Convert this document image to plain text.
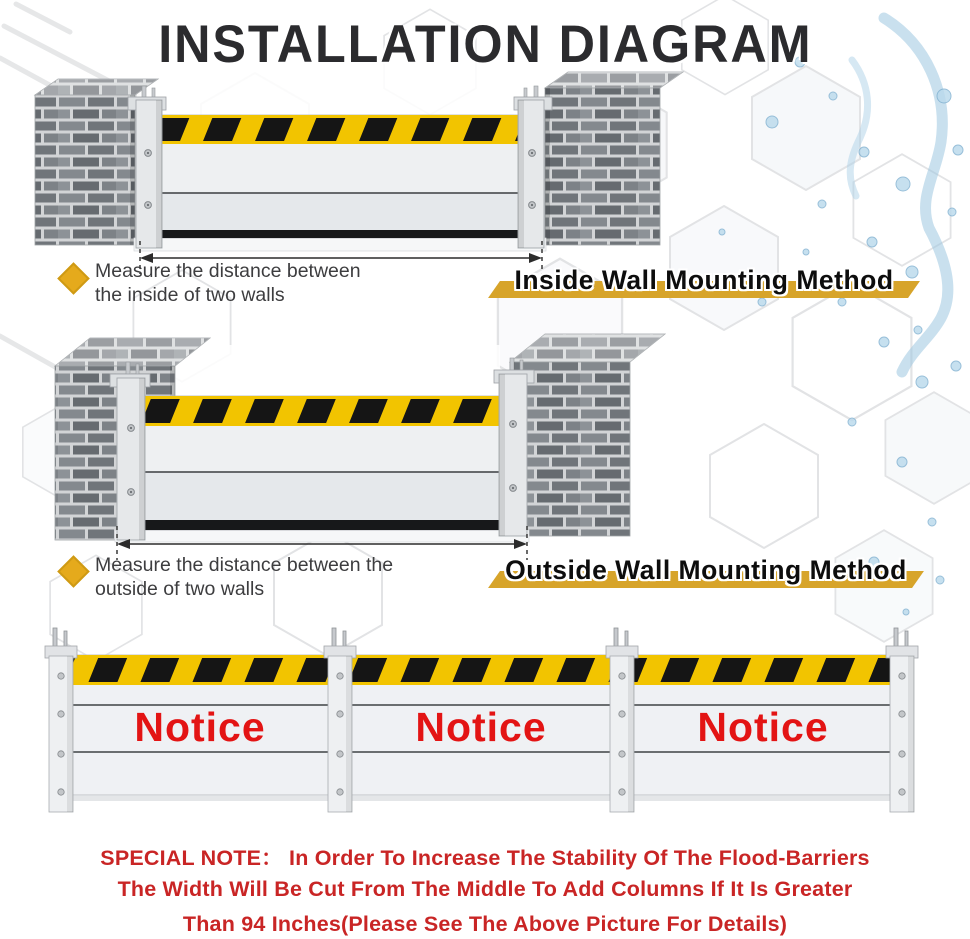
INSTALLATION DIAGRAM
Measure the distance between
the inside of two walls
Inside Wall Mounting Method
Measure the distance between the
outside of two walls
Outside Wall Mounting Method
Notice	Notice	Notice
SPECIAL NOTE： In Order To Increase The Stability Of The Flood-Barriers
The Width Will Be Cut From The Middle To Add Columns If It Is Greater
Than 94 Inches(Please See The Above Picture For Details)
